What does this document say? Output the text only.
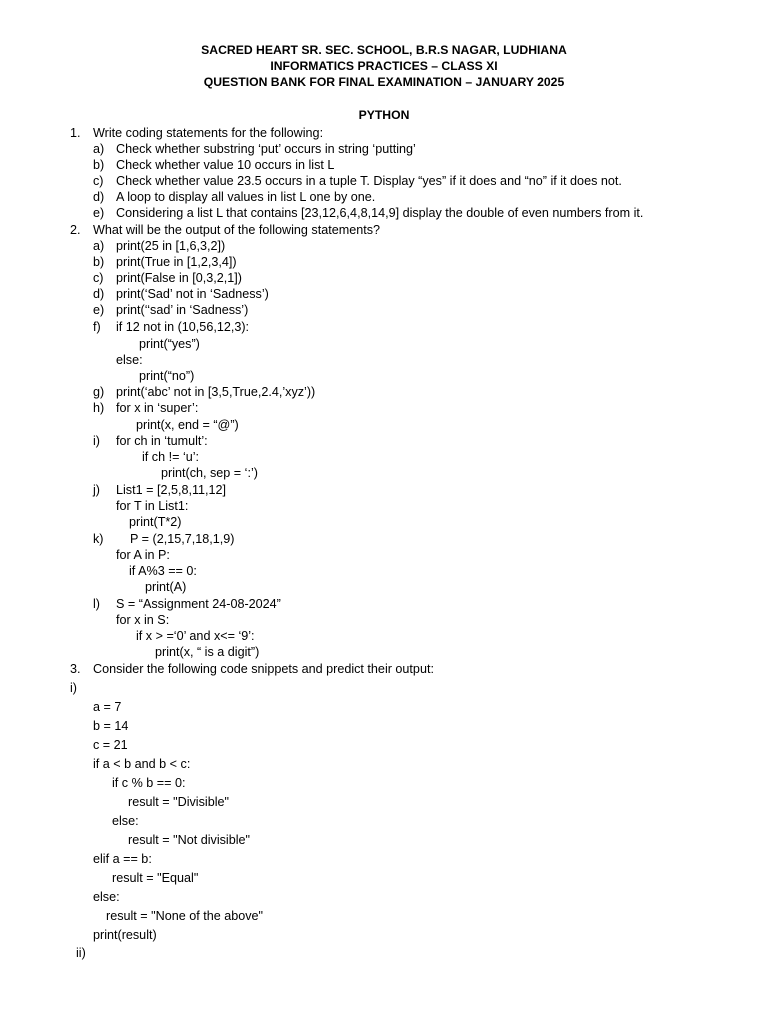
SACRED HEART SR. SEC. SCHOOL, B.R.S NAGAR, LUDHIANA
INFORMATICS PRACTICES – CLASS XI
QUESTION BANK FOR FINAL EXAMINATION – JANUARY 2025
PYTHON
1. Write coding statements for the following:
a) Check whether substring ‘put’ occurs in string ‘putting’
b) Check whether value 10 occurs in list L
c) Check whether value 23.5 occurs in a tuple T. Display “yes” if it does and “no” if it does not.
d) A loop to display all values in list L one by one.
e) Considering a list L that contains [23,12,6,4,8,14,9] display the double of even numbers from it.
2. What will be the output of the following statements?
a) print(25 in [1,6,3,2])
b) print(True in [1,2,3,4])
c) print(False in [0,3,2,1])
d) print(‘Sad’ not in ‘Sadness’)
e) print(‘‘sad’ in ‘Sadness’)
f) if 12 not in (10,56,12,3):
print(“yes”)
else:
print(“no”)
g) print(‘abc’ not in [3,5,True,2.4,’xyz’))
h) for x in ‘super’:
print(x, end = “@”)
i) for ch in ‘tumult’:
if ch != ‘u’:
print(ch, sep = ‘:’)
j) List1 = [2,5,8,11,12]
for T in List1:
print(T*2)
k) P = (2,15,7,18,1,9)
for A in P:
if A%3 == 0:
print(A)
l) S = “Assignment 24-08-2024”
for x in S:
if x > =‘0’ and x<= ‘9’:
print(x, “ is a digit”)
3. Consider the following code snippets and predict their output:
i)
a = 7
b = 14
c = 21
if a < b and b < c:
if c % b == 0:
result = "Divisible"
else:
result = "Not divisible"
elif a == b:
result = "Equal"
else:
result = "None of the above"
print(result)
ii)
